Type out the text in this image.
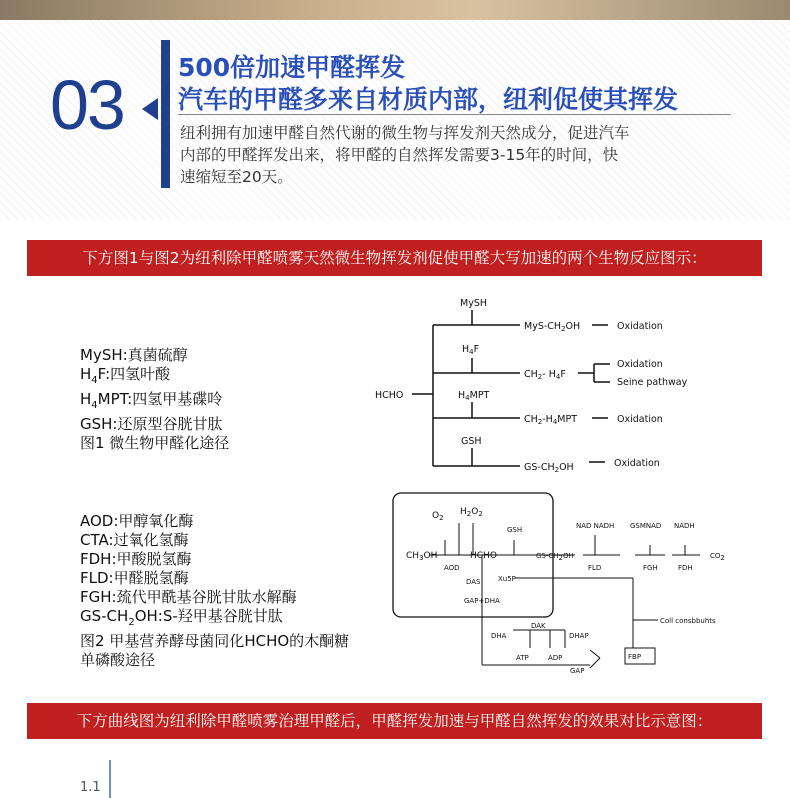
03 500倍加速甲醛挥发
汽车的甲醛多来自材质内部，纽利促使其挥发
纽利拥有加速甲醛自然代谢的微生物与挥发剂天然成分，促进汽车
内部的甲醛挥发出来，将甲醛的自然挥发需要3-15年的时间，快
速缩短至20天。
下方图1与图2为纽利除甲醛喷雾天然微生物挥发剂促使甲醛大写加速的两个生物反应图示：
MySH:真菌硫醇
$H_4F$:四氢叶酸
$H_4MPT$:四氢甲基碟呤
GSH:还原型谷胱甘肽
图1 微生物甲醛化途径
HCHO
MySH
$H_4F$
$H_4MPT$
GSH
MyS-$CH_2OH$
$CH_2-$ $H_4F$
$CH_2-H_4MPT$
$GS-CH_2OH$
Oxidation
Oxidation
Seine pathway
Oxidation
Oxidation
AOD:甲醇氧化酶
CTA:过氧化氢酶
FDH:甲酸脱氢酶
FLD:甲醛脱氢酶
FGH:巯代甲酰基谷胱甘肽水解酶
$GS-CH_2OH:S-$羟甲基谷胱甘肽
图2 甲基营养酵母菌同化HCHO的木酮糖
单磷酸途径
$O_2$
$H_2O_2$
$CH_3OH$
AOD
HCHO
GSH
GS-CH2OH
NAD NADH GSMNAD NADH
CO2
FLD	FGH	FDH
DAS	Xu5P
GAP+DHA
DHA
DAK
DHAP
ATP	ADP	FBP
GAP
Coll consbbuhts
下方曲线图为纽利除甲醛喷雾治理甲醛后，甲醛挥发加速与甲醛自然挥发的效果对比示意图：
1.1
